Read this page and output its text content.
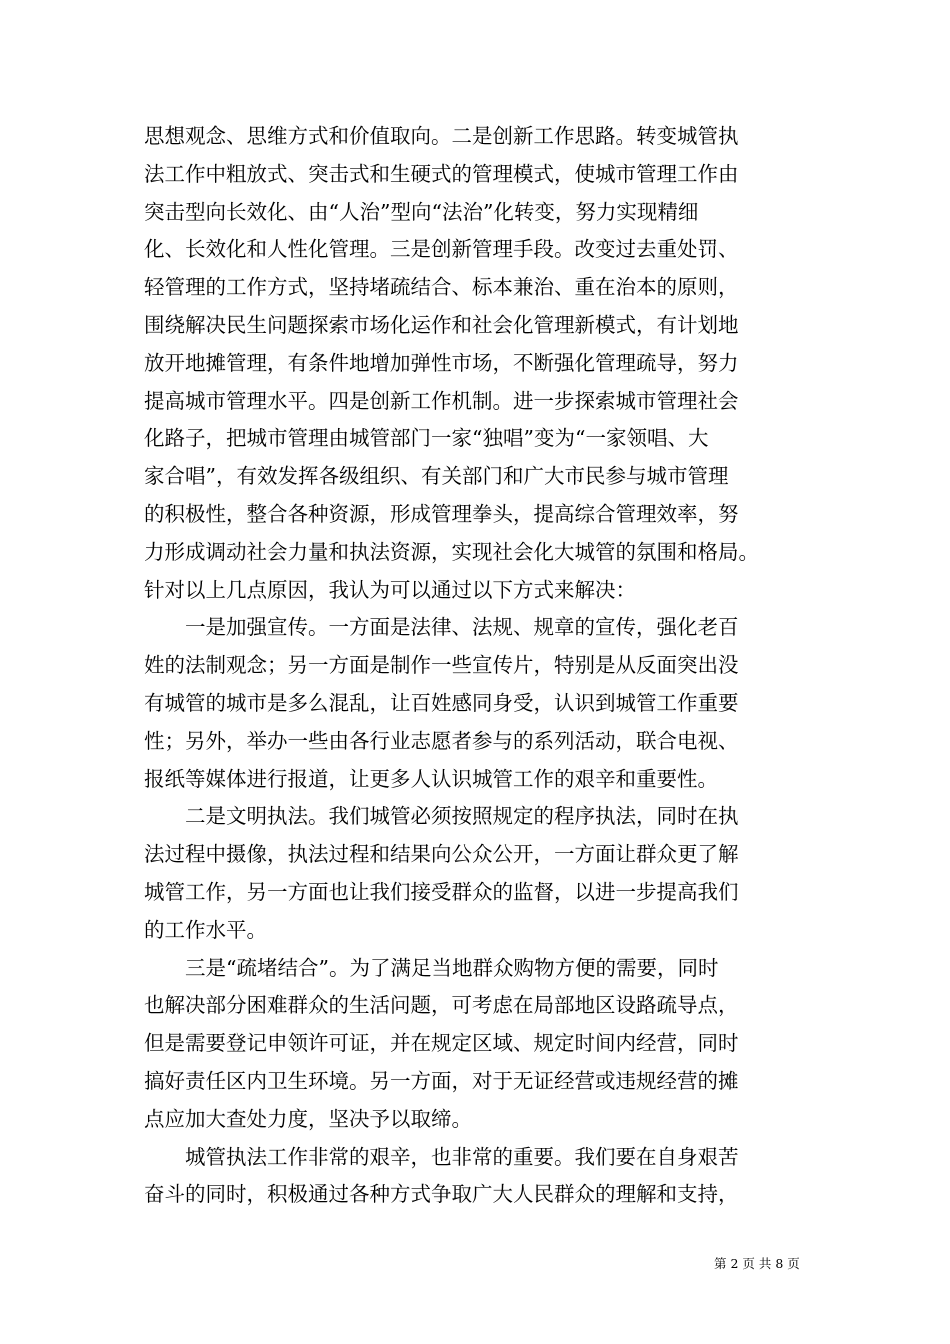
思想观念、思维方式和价值取向。二是创新工作思路。转变城管执
法工作中粗放式、突击式和生硬式的管理模式，使城市管理工作由
突击型向长效化、由“人治”型向“法治”化转变，努力实现精细
化、长效化和人性化管理。三是创新管理手段。改变过去重处罚、
轻管理的工作方式，坚持堵疏结合、标本兼治、重在治本的原则，
围绕解决民生问题探索市场化运作和社会化管理新模式，有计划地
放开地摊管理，有条件地增加弹性市场，不断强化管理疏导，努力
提高城市管理水平。四是创新工作机制。进一步探索城市管理社会
化路子，把城市管理由城管部门一家“独唱”变为“一家领唱、大
家合唱”，有效发挥各级组织、有关部门和广大市民参与城市管理
的积极性，整合各种资源，形成管理拳头，提高综合管理效率，努
力形成调动社会力量和执法资源，实现社会化大城管的氛围和格局。
针对以上几点原因，我认为可以通过以下方式来解决：
一是加强宣传。一方面是法律、法规、规章的宣传，强化老百
姓的法制观念；另一方面是制作一些宣传片，特别是从反面突出没
有城管的城市是多么混乱，让百姓感同身受，认识到城管工作重要
性；另外，举办一些由各行业志愿者参与的系列活动，联合电视、
报纸等媒体进行报道，让更多人认识城管工作的艰辛和重要性。
二是文明执法。我们城管必须按照规定的程序执法，同时在执
法过程中摄像，执法过程和结果向公众公开，一方面让群众更了解
城管工作，另一方面也让我们接受群众的监督，以进一步提高我们
的工作水平。
三是“疏堵结合”。为了满足当地群众购物方便的需要，同时
也解决部分困难群众的生活问题，可考虑在局部地区设路疏导点，
但是需要登记申领许可证，并在规定区域、规定时间内经营，同时
搞好责任区内卫生环境。另一方面，对于无证经营或违规经营的摊
点应加大查处力度，坚决予以取缔。
城管执法工作非常的艰辛，也非常的重要。我们要在自身艰苦
奋斗的同时，积极通过各种方式争取广大人民群众的理解和支持，
第 2 页 共 8 页
